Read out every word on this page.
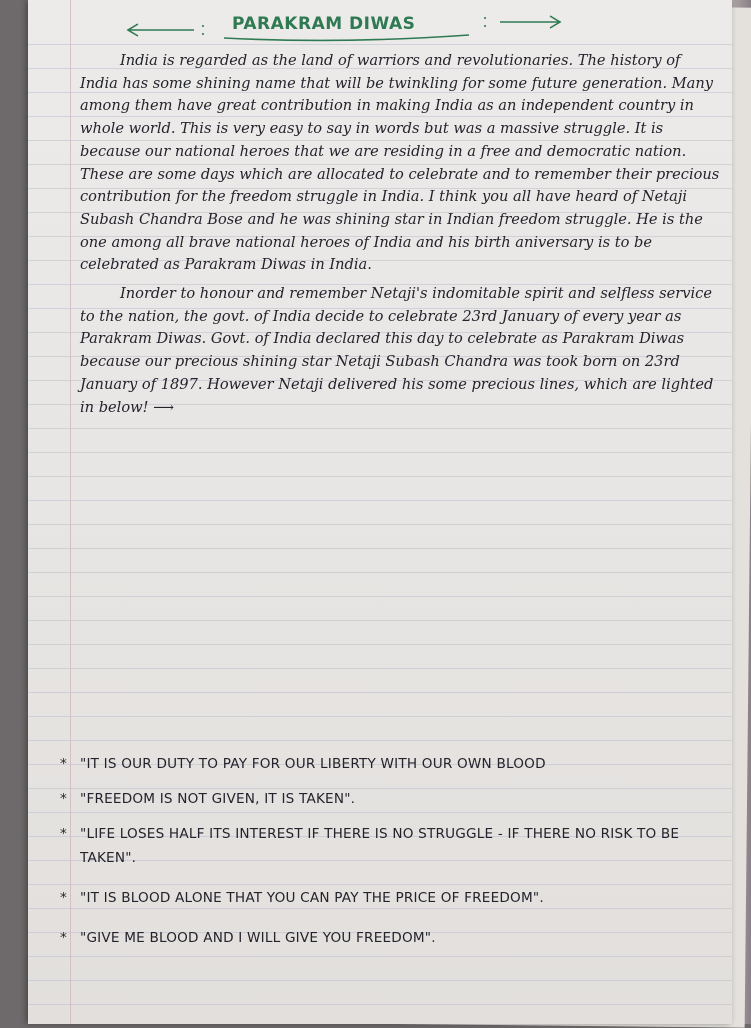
PARAKRAM DIWAS

India is regarded as the land of warriors and revolutionaries. The history of India has some shining name that will be twinkling for some future generation. Many among them have great contribution in making India as an independent country in whole world. This is very easy to say in words but was a massive struggle. It is because our national heroes that we are residing in a free and democratic nation. These are some days which are allocated to celebrate and to remember their precious contribution for the freedom struggle in India. I think you all have heard of Netaji Subash Chandra Bose and he was shining star in Indian freedom struggle. He is the one among all brave national heroes of India and his birth aniversary is to be celebrated as Parakram Diwas in India.

Inorder to honour and remember Netaji's indomitable spirit and selfless service to the nation, the govt. of India decide to celebrate 23rd January of every year as Parakram Diwas. Govt. of India declared this day to celebrate as Parakram Diwas because our precious shining star Netaji Subash Chandra was took born on 23rd January of 1897. However Netaji delivered his some precious lines, which are lighted in below! ⟶

* "IT IS OUR DUTY TO PAY FOR OUR LIBERTY WITH OUR OWN BLOOD
* "FREEDOM IS NOT GIVEN, IT IS TAKEN".
* "LIFE LOSES HALF ITS INTEREST IF THERE IS NO STRUGGLE - IF THERE NO RISK TO BE TAKEN".
* "IT IS BLOOD ALONE THAT YOU CAN PAY THE PRICE OF FREEDOM".
* "GIVE ME BLOOD AND I WILL GIVE YOU FREEDOM".
